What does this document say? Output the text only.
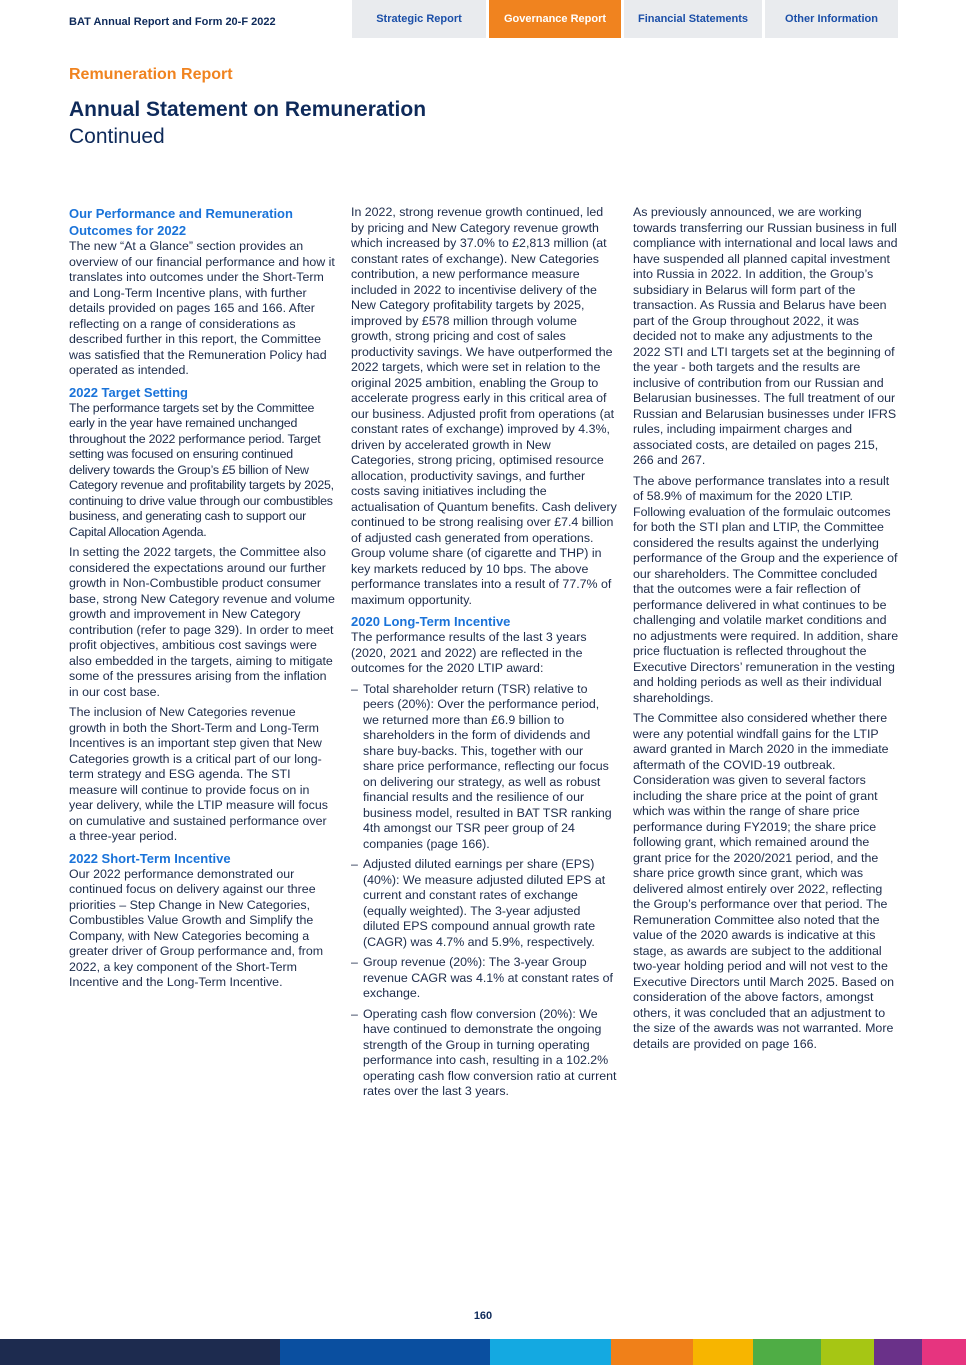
BAT Annual Report and Form 20-F 2022	Strategic Report	Governance Report	Financial Statements	Other Information
Remuneration Report
Annual Statement on Remuneration
Continued
Our Performance and Remuneration Outcomes for 2022

The new “At a Glance” section provides an overview of our financial performance and how it translates into outcomes under the Short-Term and Long-Term Incentive plans, with further details provided on pages 165 and 166. After reflecting on a range of considerations as described further in this report, the Committee was satisfied that the Remuneration Policy had operated as intended.

2022 Target Setting

The performance targets set by the Committee early in the year have remained unchanged throughout the 2022 performance period. Target setting was focused on ensuring continued delivery towards the Group’s £5 billion of New Category revenue and profitability targets by 2025, continuing to drive value through our combustibles business, and generating cash to support our Capital Allocation Agenda.

In setting the 2022 targets, the Committee also considered the expectations around our further growth in Non-Combustible product consumer base, strong New Category revenue and volume growth and improvement in New Category contribution (refer to page 329). In order to meet profit objectives, ambitious cost savings were also embedded in the targets, aiming to mitigate some of the pressures arising from the inflation in our cost base.

The inclusion of New Categories revenue growth in both the Short-Term and Long-Term Incentives is an important step given that New Categories growth is a critical part of our long-term strategy and ESG agenda. The STI measure will continue to provide focus on in year delivery, while the LTIP measure will focus on cumulative and sustained performance over a three-year period.

2022 Short-Term Incentive

Our 2022 performance demonstrated our continued focus on delivery against our three priorities – Step Change in New Categories, Combustibles Value Growth and Simplify the Company, with New Categories becoming a greater driver of Group performance and, from 2022, a key component of the Short-Term Incentive and the Long-Term Incentive.

In 2022, strong revenue growth continued, led by pricing and New Category revenue growth which increased by 37.0% to £2,813 million (at constant rates of exchange). New Categories contribution, a new performance measure included in 2022 to incentivise delivery of the New Category profitability targets by 2025, improved by £578 million through volume growth, strong pricing and cost of sales productivity savings. We have outperformed the 2022 targets, which were set in relation to the original 2025 ambition, enabling the Group to accelerate progress early in this critical area of our business. Adjusted profit from operations (at constant rates of exchange) improved by 4.3%, driven by accelerated growth in New Categories, strong pricing, optimised resource allocation, productivity savings, and further costs saving initiatives including the actualisation of Quantum benefits. Cash delivery continued to be strong realising over £7.4 billion of adjusted cash generated from operations. Group volume share (of cigarette and THP) in key markets reduced by 10 bps. The above performance translates into a result of 77.7% of maximum opportunity.

2020 Long-Term Incentive

The performance results of the last 3 years (2020, 2021 and 2022) are reflected in the outcomes for the 2020 LTIP award:

– Total shareholder return (TSR) relative to peers (20%): Over the performance period, we returned more than £6.9 billion to shareholders in the form of dividends and share buy-backs. This, together with our share price performance, reflecting our focus on delivering our strategy, as well as robust financial results and the resilience of our business model, resulted in BAT TSR ranking 4th amongst our TSR peer group of 24 companies (page 166).
– Adjusted diluted earnings per share (EPS) (40%): We measure adjusted diluted EPS at current and constant rates of exchange (equally weighted). The 3-year adjusted diluted EPS compound annual growth rate (CAGR) was 4.7% and 5.9%, respectively.
– Group revenue (20%): The 3-year Group revenue CAGR was 4.1% at constant rates of exchange.
– Operating cash flow conversion (20%): We have continued to demonstrate the ongoing strength of the Group in turning operating performance into cash, resulting in a 102.2% operating cash flow conversion ratio at current rates over the last 3 years.

As previously announced, we are working towards transferring our Russian business in full compliance with international and local laws and have suspended all planned capital investment into Russia in 2022. In addition, the Group’s subsidiary in Belarus will form part of the transaction. As Russia and Belarus have been part of the Group throughout 2022, it was decided not to make any adjustments to the 2022 STI and LTI targets set at the beginning of the year - both targets and the results are inclusive of contribution from our Russian and Belarusian businesses. The full treatment of our Russian and Belarusian businesses under IFRS rules, including impairment charges and associated costs, are detailed on pages 215, 266 and 267.

The above performance translates into a result of 58.9% of maximum for the 2020 LTIP. Following evaluation of the formulaic outcomes for both the STI plan and LTIP, the Committee considered the results against the underlying performance of the Group and the experience of our shareholders. The Committee concluded that the outcomes were a fair reflection of performance delivered in what continues to be challenging and volatile market conditions and no adjustments were required. In addition, share price fluctuation is reflected throughout the Executive Directors’ remuneration in the vesting and holding periods as well as their individual shareholdings.

The Committee also considered whether there were any potential windfall gains for the LTIP award granted in March 2020 in the immediate aftermath of the COVID-19 outbreak. Consideration was given to several factors including the share price at the point of grant which was within the range of share price performance during FY2019; the share price following grant, which remained around the grant price for the 2020/2021 period, and the share price growth since grant, which was delivered almost entirely over 2022, reflecting the Group’s performance over that period. The Remuneration Committee also noted that the value of the 2020 awards is indicative at this stage, as awards are subject to the additional two-year holding period and will not vest to the Executive Directors until March 2025. Based on consideration of the above factors, amongst others, it was concluded that an adjustment to the size of the awards was not warranted. More details are provided on page 166.

160
